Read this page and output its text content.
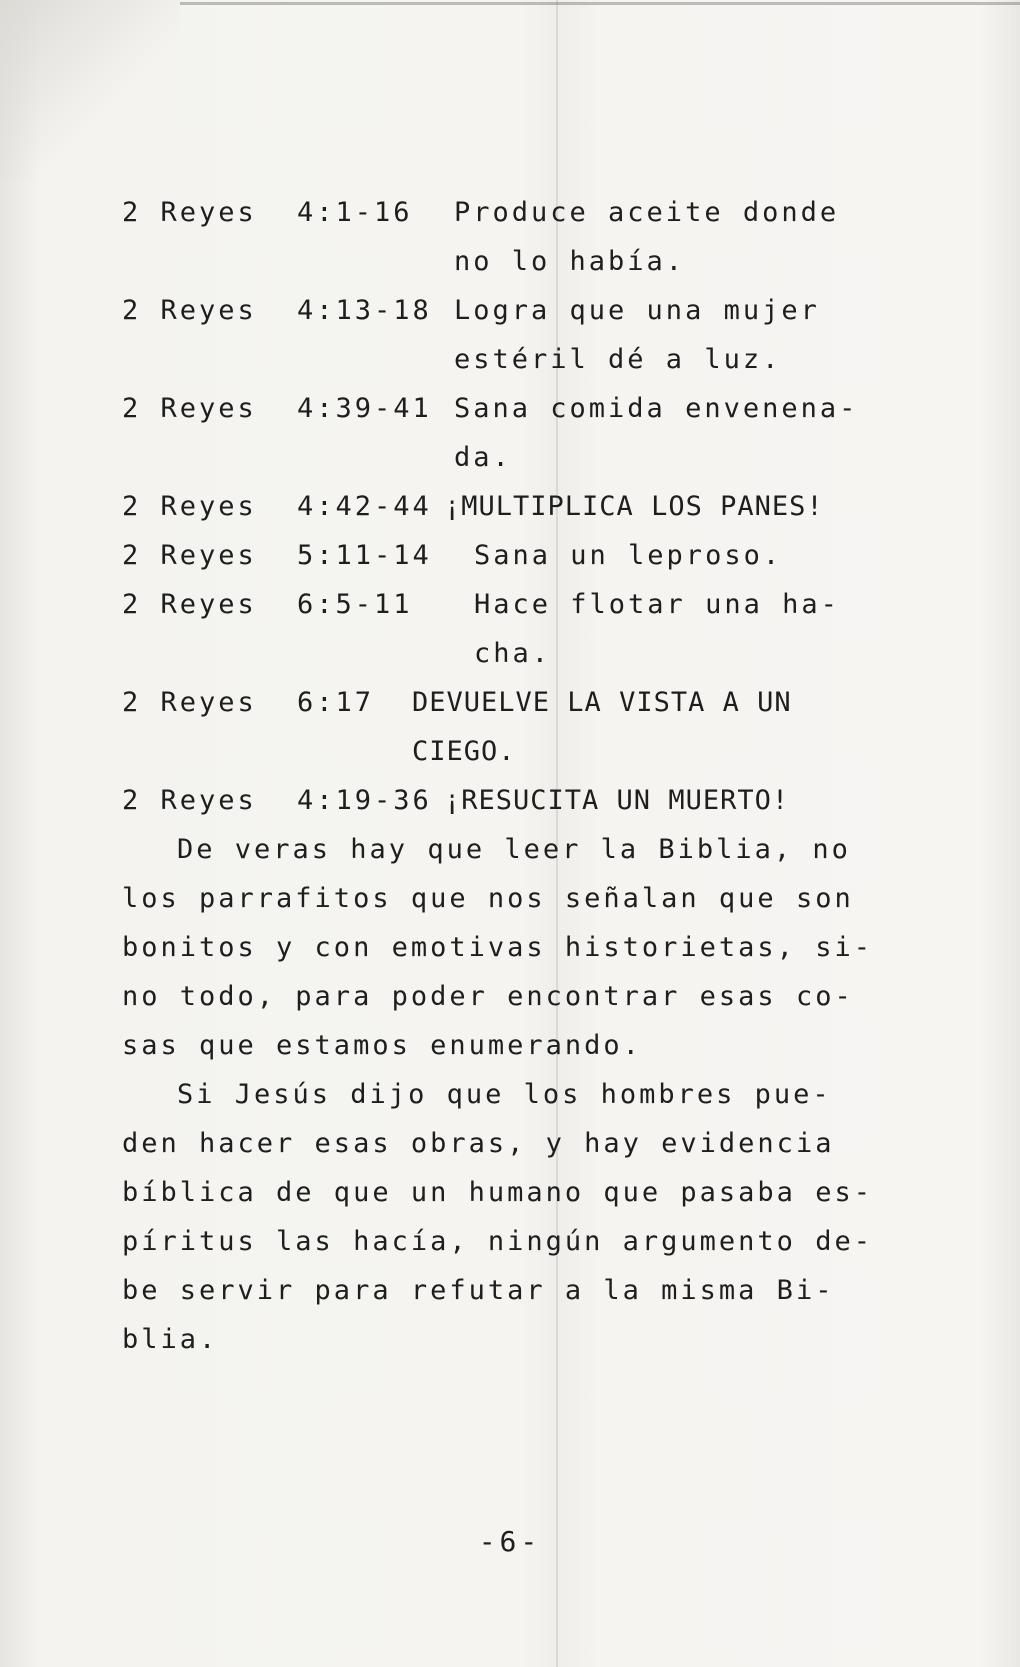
2 Reyes 4:1-16 Produce aceite donde
no lo había.
2 Reyes 4:13-18 Logra que una mujer
estéril dé a luz.
2 Reyes 4:39-41 Sana comida envenena-
da.
2 Reyes 4:42-44 ¡MULTIPLICA LOS PANES!
2 Reyes 5:11-14 Sana un leproso.
2 Reyes 6:5-11 Hace flotar una ha-
cha.
2 Reyes 6:17 DEVUELVE LA VISTA A UN
CIEGO.
2 Reyes 4:19-36 ¡RESUCITA UN MUERTO!
De veras hay que leer la Biblia, no
los parrafitos que nos señalan que son
bonitos y con emotivas historietas, si-
no todo, para poder encontrar esas co-
sas que estamos enumerando.
Si Jesús dijo que los hombres pue-
den hacer esas obras, y hay evidencia
bíblica de que un humano que pasaba es-
píritus las hacía, ningún argumento de-
be servir para refutar a la misma Bi-
blia.
-6-
